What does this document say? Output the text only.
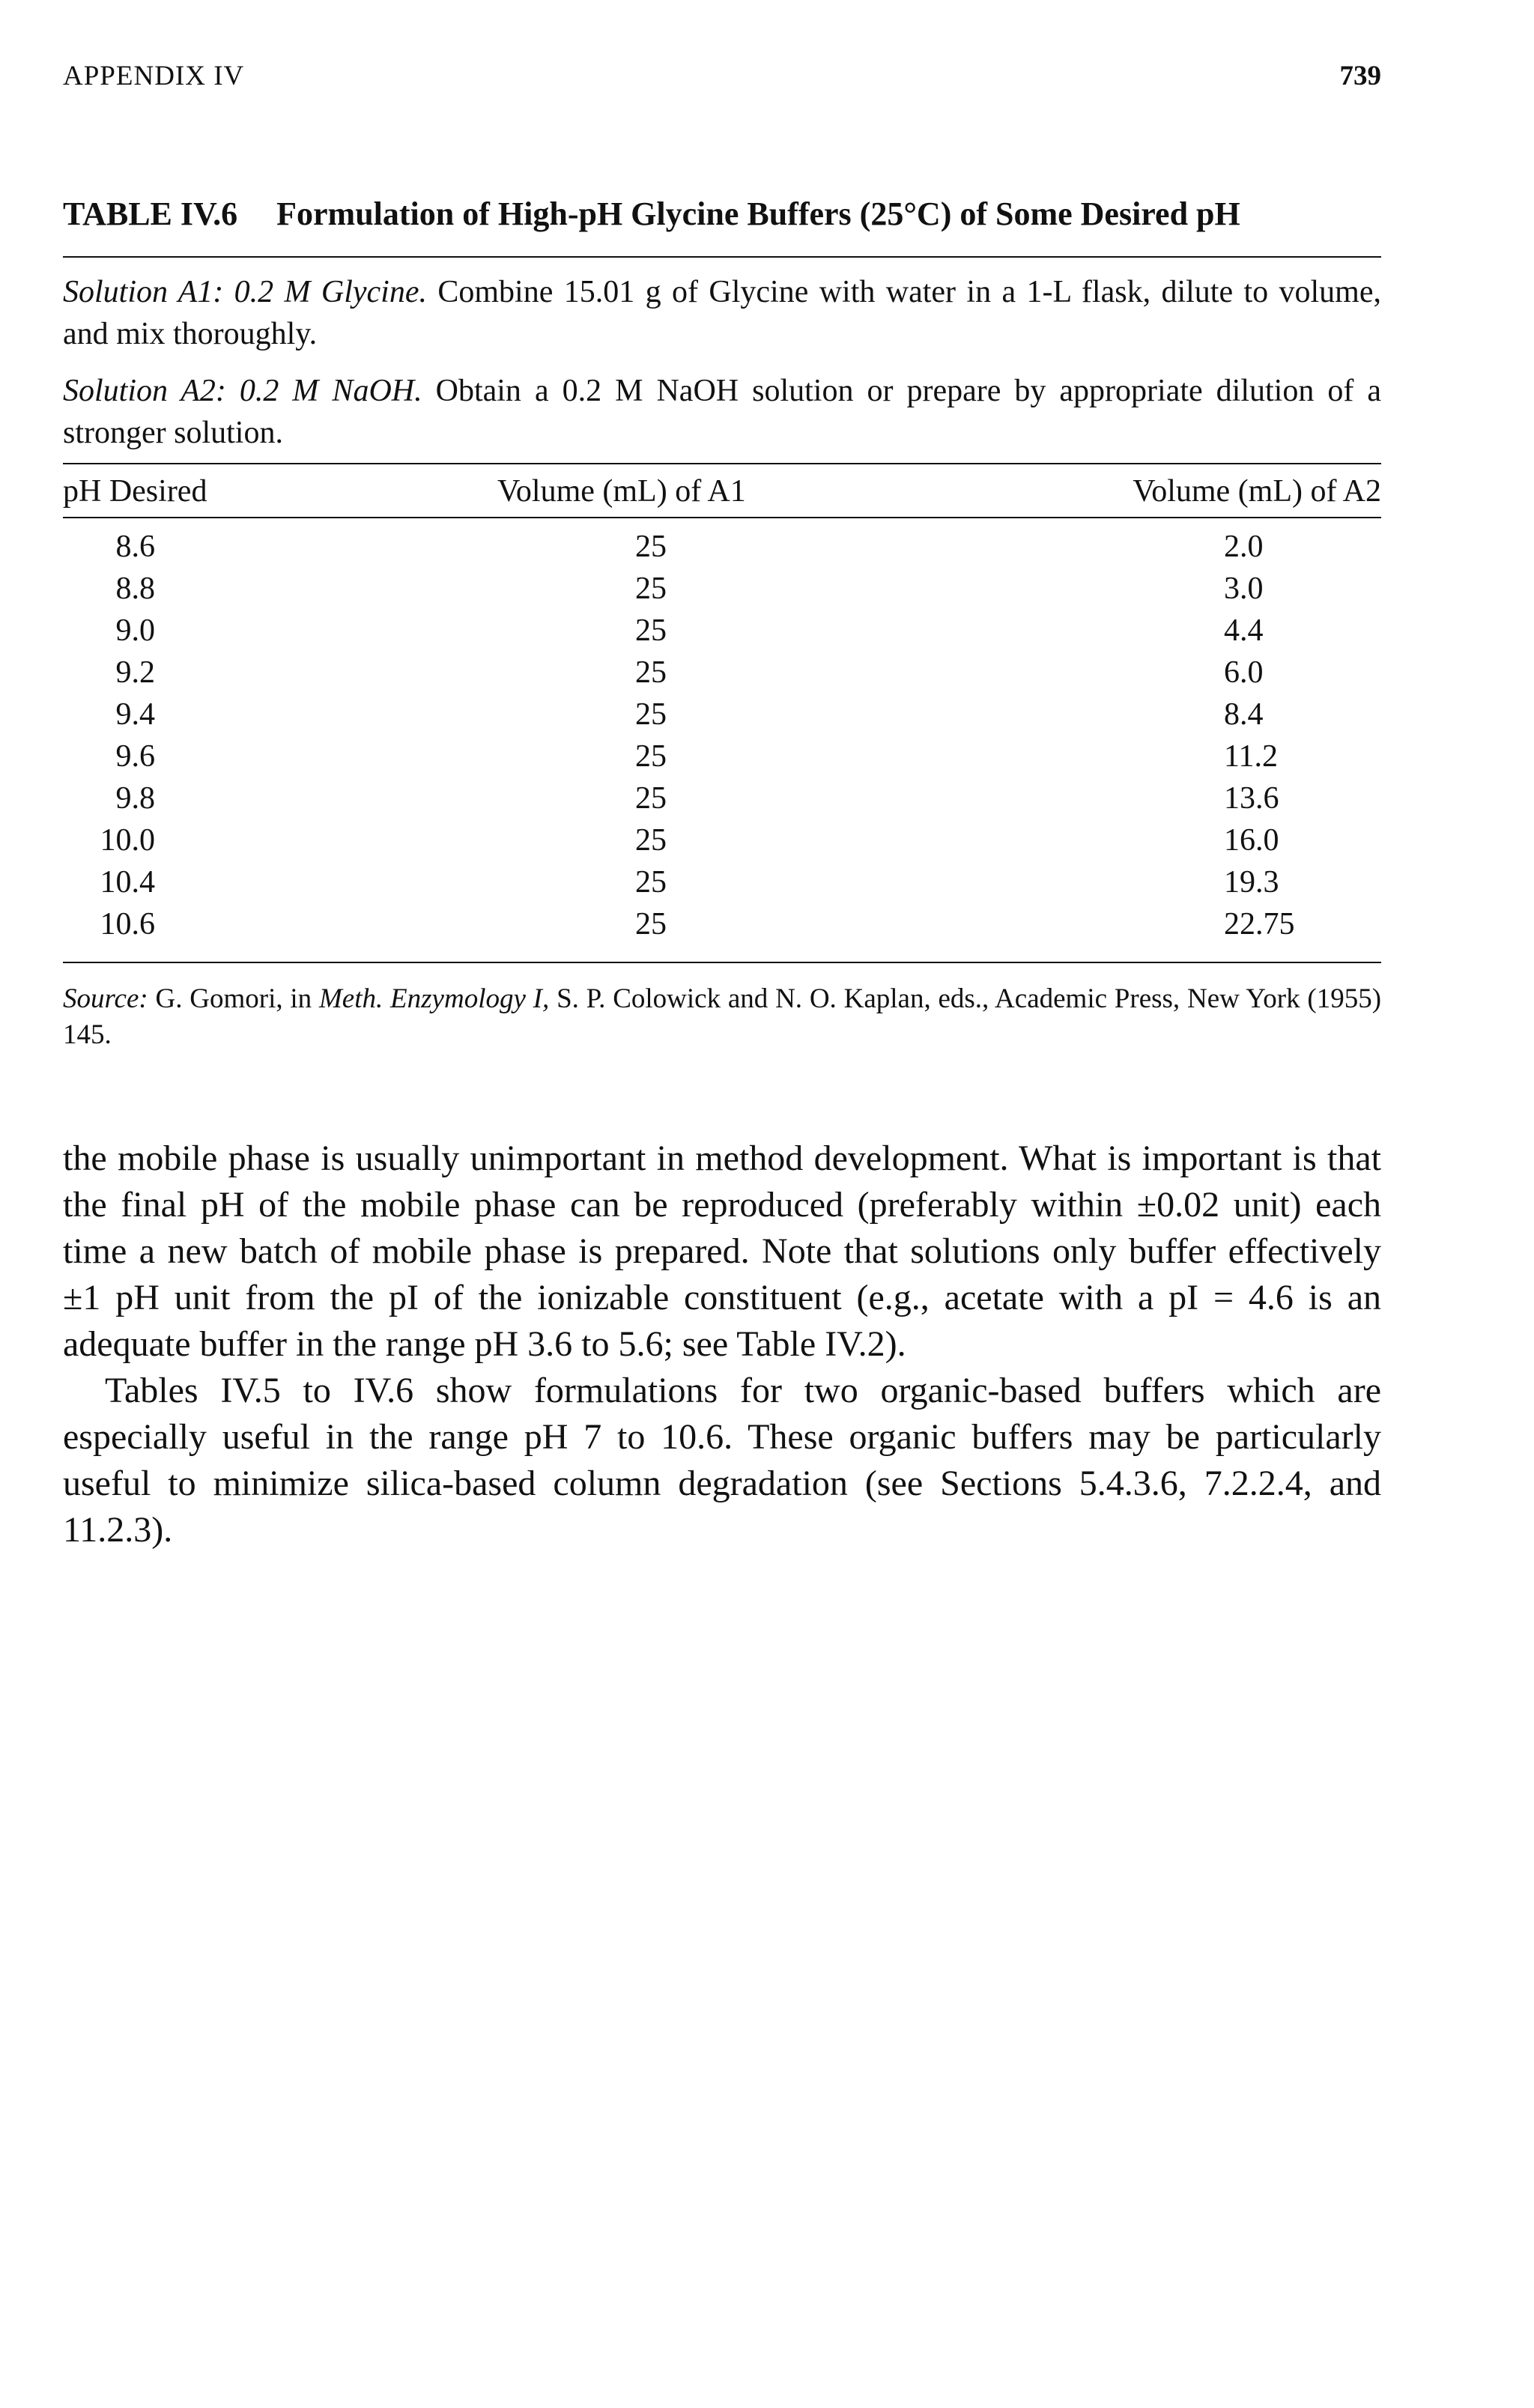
APPENDIX IV	739
TABLE IV.6 Formulation of High-pH Glycine Buffers (25°C) of Some Desired pH
Solution A1: 0.2 M Glycine. Combine 15.01 g of Glycine with water in a 1-L flask, dilute to volume, and mix thoroughly.
Solution A2: 0.2 M NaOH. Obtain a 0.2 M NaOH solution or prepare by appropriate dilution of a stronger solution.
pH Desired	Volume (mL) of A1	Volume (mL) of A2
8.6	25	2.0
8.8	25	3.0
9.0	25	4.4
9.2	25	6.0
9.4	25	8.4
9.6	25	11.2
9.8	25	13.6
10.0	25	16.0
10.4	25	19.3
10.6	25	22.75
Source: G. Gomori, in Meth. Enzymology I, S. P. Colowick and N. O. Kaplan, eds., Academic Press, New York (1955) 145.

the mobile phase is usually unimportant in method development. What is important is that the final pH of the mobile phase can be reproduced (preferably within ±0.02 unit) each time a new batch of mobile phase is prepared. Note that solutions only buffer effectively ±1 pH unit from the pI of the ionizable constituent (e.g., acetate with a pI = 4.6 is an adequate buffer in the range pH 3.6 to 5.6; see Table IV.2).

Tables IV.5 to IV.6 show formulations for two organic-based buffers which are especially useful in the range pH 7 to 10.6. These organic buffers may be particularly useful to minimize silica-based column degradation (see Sections 5.4.3.6, 7.2.2.4, and 11.2.3).
